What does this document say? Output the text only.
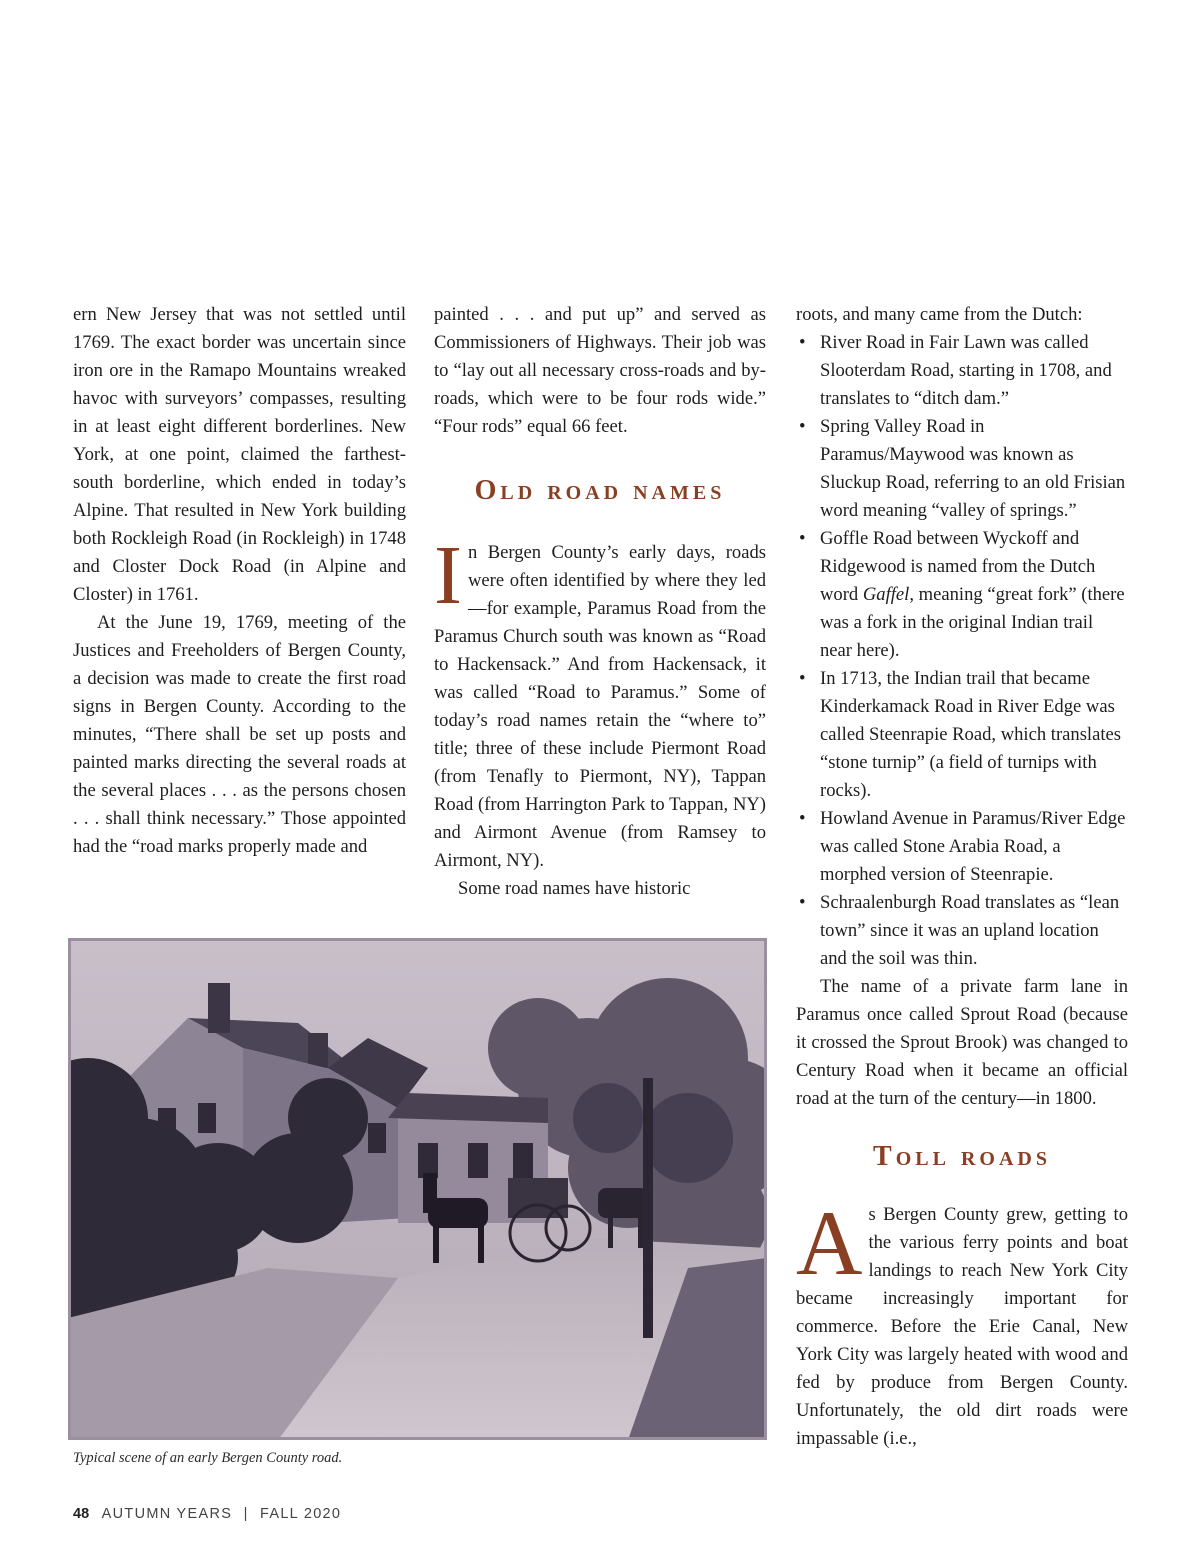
ern New Jersey that was not settled until 1769. The exact border was uncertain since iron ore in the Ramapo Mountains wreaked havoc with surveyors’ compasses, resulting in at least eight different borderlines. New York, at one point, claimed the farthest-south borderline, which ended in today’s Alpine. That resulted in New York building both Rockleigh Road (in Rockleigh) in 1748 and Closter Dock Road (in Alpine and Closter) in 1761.

At the June 19, 1769, meeting of the Justices and Freeholders of Bergen County, a decision was made to create the first road signs in Bergen County. According to the minutes, “There shall be set up posts and painted marks directing the several roads at the several places . . . as the persons chosen . . . shall think necessary.” Those appointed had the “road marks properly made and

painted . . . and put up” and served as Commissioners of Highways. Their job was to “lay out all necessary cross-roads and by-roads, which were to be four rods wide.” “Four rods” equal 66 feet.

Old road names

In Bergen County’s early days, roads were often identified by where they led—for example, Paramus Road from the Paramus Church south was known as “Road to Hackensack.” And from Hackensack, it was called “Road to Paramus.” Some of today’s road names retain the “where to” title; three of these include Piermont Road (from Tenafly to Piermont, NY), Tappan Road (from Harrington Park to Tappan, NY) and Airmont Avenue (from Ramsey to Airmont, NY).

Some road names have historic

roots, and many came from the Dutch:

• River Road in Fair Lawn was called Slooterdam Road, starting in 1708, and translates to “ditch dam.”
• Spring Valley Road in Paramus/Maywood was known as Sluckup Road, referring to an old Frisian word meaning “valley of springs.”
• Goffle Road between Wyckoff and Ridgewood is named from the Dutch word Gaffel, meaning “great fork” (there was a fork in the original Indian trail near here).
• In 1713, the Indian trail that became Kinderkamack Road in River Edge was called Steenrapie Road, which translates “stone turnip” (a field of turnips with rocks).
• Howland Avenue in Paramus/River Edge was called Stone Arabia Road, a morphed version of Steenrapie.
• Schraalenburgh Road translates as “lean town” since it was an upland location and the soil was thin.

The name of a private farm lane in Paramus once called Sprout Road (because it crossed the Sprout Brook) was changed to Century Road when it became an official road at the turn of the century—in 1800.

Toll roads

As Bergen County grew, getting to the various ferry points and boat landings to reach New York City became increasingly important for commerce. Before the Erie Canal, New York City was largely heated with wood and fed by produce from Bergen County. Unfortunately, the old dirt roads were impassable (i.e.,

Typical scene of an early Bergen County road.
48 AUTUMN YEARS | FALL 2020
